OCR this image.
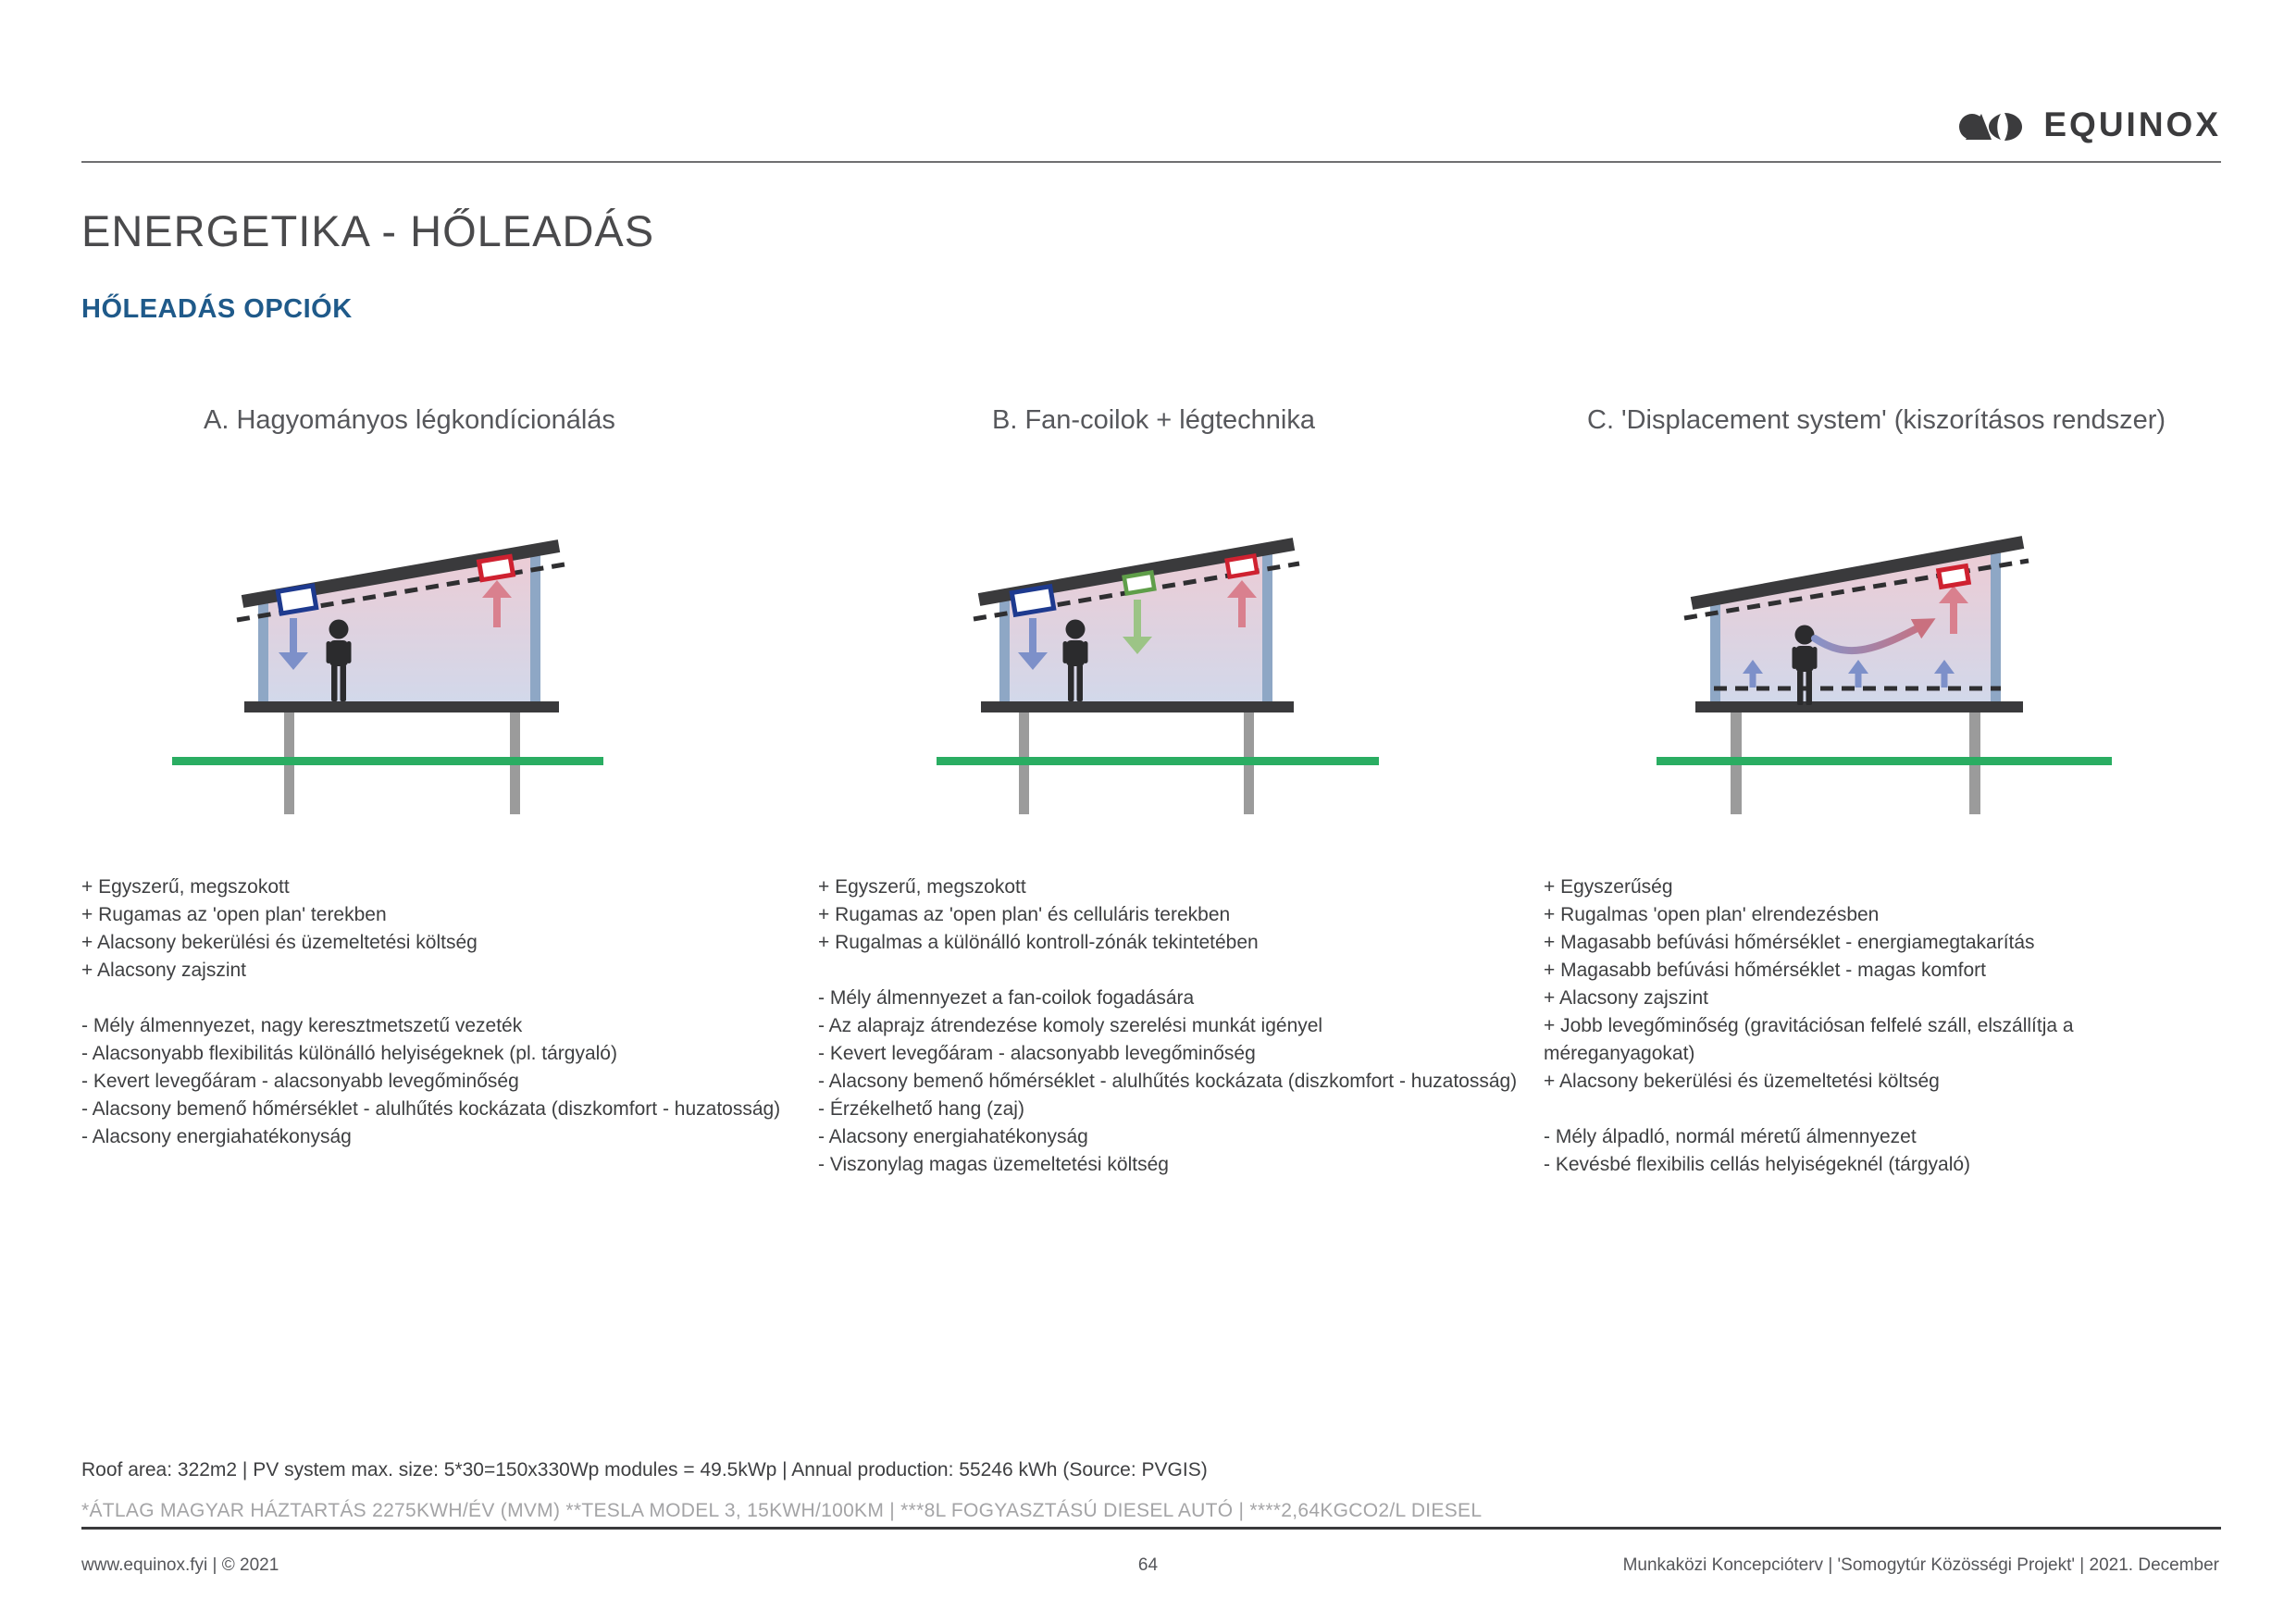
EQUINOX
ENERGETIKA - HŐLEADÁS
HŐLEADÁS OPCIÓK
A. Hagyományos légkondícionálás	B. Fan-coilok + légtechnika	C. 'Displacement system' (kiszorításos rendszer)
+ Egyszerű, megszokott
+ Rugamas az 'open plan' terekben
+ Alacsony bekerülési és üzemeltetési költség
+ Alacsony zajszint
- Mély álmennyezet, nagy keresztmetszetű vezeték
- Alacsonyabb flexibilitás különálló helyiségeknek (pl. tárgyaló)
- Kevert levegőáram - alacsonyabb levegőminőség
- Alacsony bemenő hőmérséklet - alulhűtés kockázata (diszkomfort - huzatosság)
- Alacsony energiahatékonyság
+ Egyszerű, megszokott
+ Rugamas az 'open plan' és celluláris terekben
+ Rugalmas a különálló kontroll-zónák tekintetében
- Mély álmennyezet a fan-coilok fogadására
- Az alaprajz átrendezése komoly szerelési munkát igényel
- Kevert levegőáram - alacsonyabb levegőminőség
- Alacsony bemenő hőmérséklet - alulhűtés kockázata (diszkomfort - huzatosság)
- Érzékelhető hang (zaj)
- Alacsony energiahatékonyság
- Viszonylag magas üzemeltetési költség
+ Egyszerűség
+ Rugalmas 'open plan' elrendezésben
+ Magasabb befúvási hőmérséklet - energiamegtakarítás
+ Magasabb befúvási hőmérséklet - magas komfort
+ Alacsony zajszint
+ Jobb levegőminőség (gravitációsan felfelé száll, elszállítja a méreganyagokat)
+ Alacsony bekerülési és üzemeltetési költség
- Mély álpadló, normál méretű álmennyezet
- Kevésbé flexibilis cellás helyiségeknél (tárgyaló)
Roof area: 322m2 | PV system max. size: 5*30=150x330Wp modules = 49.5kWp | Annual production: 55246 kWh (Source: PVGIS)
*ÁTLAG MAGYAR HÁZTARTÁS 2275KWH/ÉV (MVM) **TESLA MODEL 3, 15KWH/100KM | ***8L FOGYASZTÁSÚ DIESEL AUTÓ | ****2,64KGCO2/L DIESEL
www.equinox.fyi | © 2021	64	Munkaközi Koncepcióterv | 'Somogytúr Közösségi Projekt' | 2021. December
